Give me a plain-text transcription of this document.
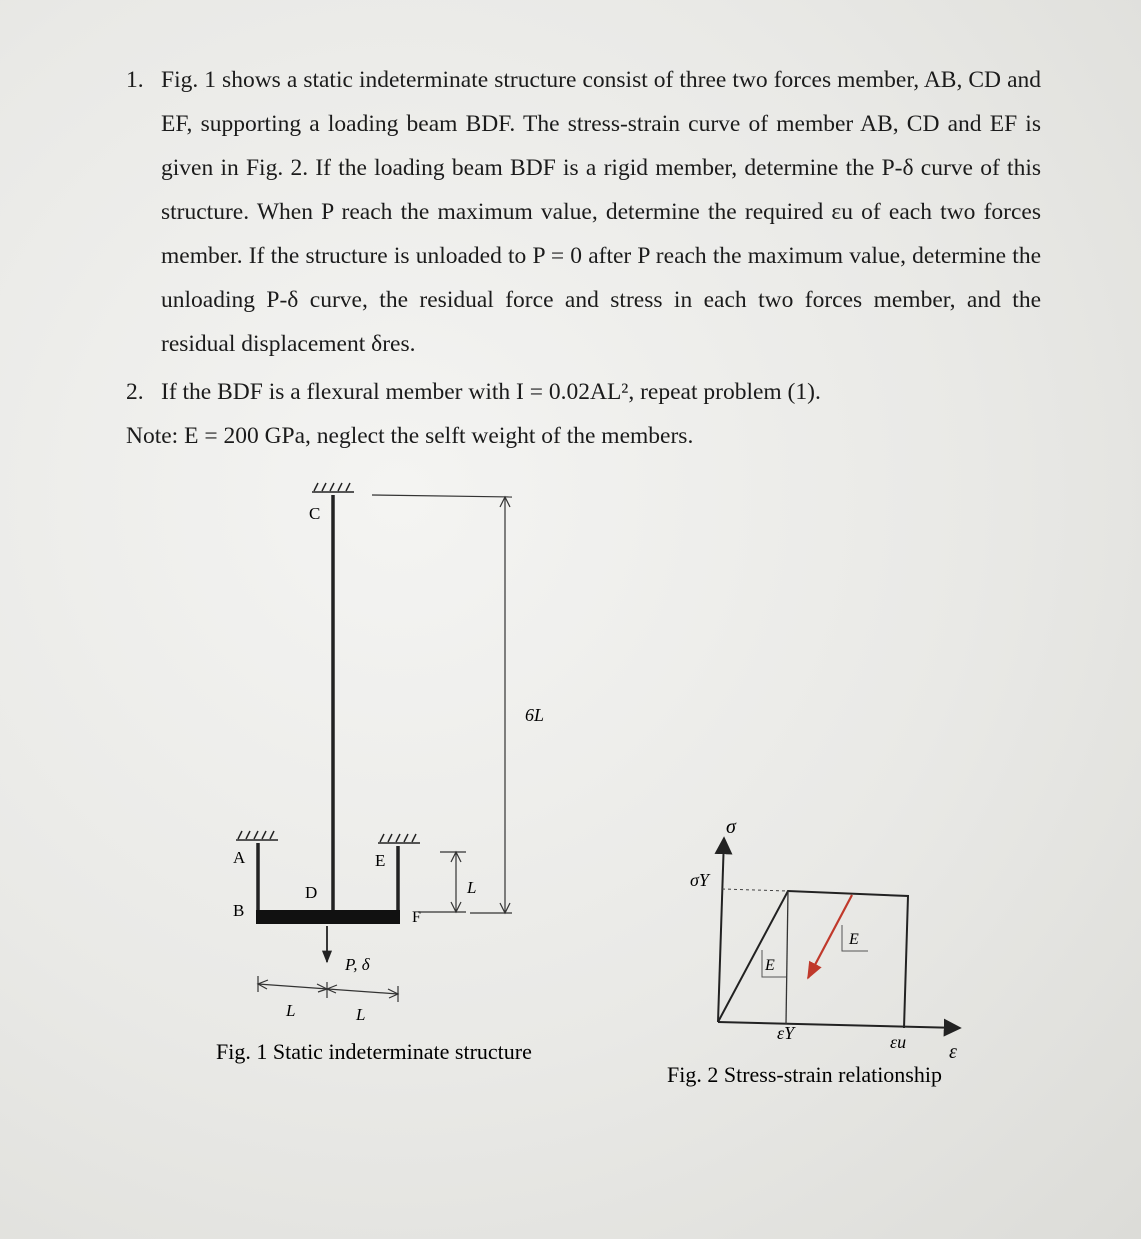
1. Fig. 1 shows a static indeterminate structure consist of three two forces member, AB, CD and EF, supporting a loading beam BDF. The stress-strain curve of member AB, CD and EF is given in Fig. 2. If the loading beam BDF is a rigid member, determine the P-δ curve of this structure. When P reach the maximum value, determine the required εu of each two forces member. If the structure is unloaded to P = 0 after P reach the maximum value, determine the unloading P-δ curve, the residual force and stress in each two forces member, and the residual displacement δres.
2. If the BDF is a flexural member with I = 0.02AL², repeat problem (1).
Note: E = 200 GPa, neglect the selft weight of the members.
C
A	E
B
D
F
P, δ
6L
L
L	L
Fig. 1 Static indeterminate structure
σ
σY
E
E
εY	εu ε
Fig. 2 Stress-strain relationship
